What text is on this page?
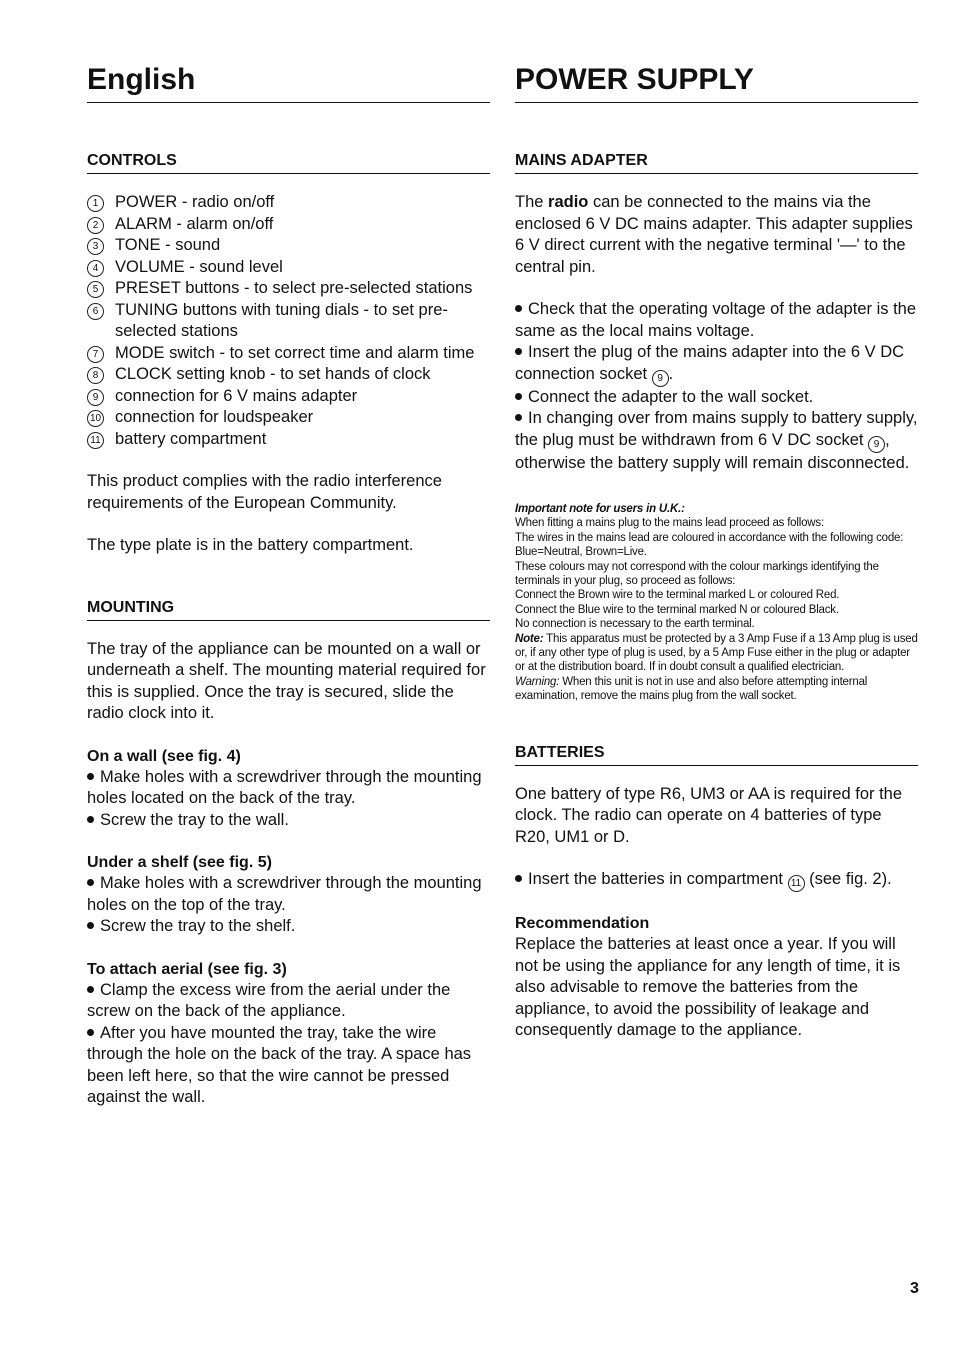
English
CONTROLS
1	POWER - radio on/off
2	ALARM - alarm on/off
3	TONE - sound
4	VOLUME - sound level
5	PRESET buttons - to select pre-selected stations
6	TUNING buttons with tuning dials - to set pre-selected stations
7	MODE switch - to set correct time and alarm time
8	CLOCK setting knob - to set hands of clock
9	connection for 6 V mains adapter
10 connection for loudspeaker
11 battery compartment

This product complies with the radio interference requirements of the European Community.

The type plate is in the battery compartment.

MOUNTING

The tray of the appliance can be mounted on a wall or underneath a shelf. The mounting material required for this is supplied. Once the tray is secured, slide the radio clock into it.

On a wall (see fig. 4)

Make holes with a screwdriver through the mounting holes located on the back of the tray.

Screw the tray to the wall.

Under a shelf (see fig. 5)

Make holes with a screwdriver through the mounting holes on the top of the tray.

Screw the tray to the shelf.

To attach aerial (see fig. 3)

Clamp the excess wire from the aerial under the screw on the back of the appliance.

After you have mounted the tray, take the wire through the hole on the back of the tray. A space has been left here, so that the wire cannot be pressed against the wall.

POWER SUPPLY
MAINS ADAPTER

The radio can be connected to the mains via the enclosed 6 V DC mains adapter. This adapter supplies 6 V direct current with the negative terminal '—' to the central pin.

Check that the operating voltage of the adapter is the same as the local mains voltage.

Insert the plug of the mains adapter into the 6 V DC connection socket 9 .

Connect the adapter to the wall socket.

In changing over from mains supply to battery supply, the plug must be withdrawn from 6 V DC socket 9 , otherwise the battery supply will remain disconnected.

Important note for users in U.K.:

When fitting a mains plug to the mains lead proceed as follows:

The wires in the mains lead are coloured in accordance with the following code: Blue=Neutral, Brown=Live.

These colours may not correspond with the colour markings identifying the terminals in your plug, so proceed as follows:

Connect the Brown wire to the terminal marked L or coloured Red.

Connect the Blue wire to the terminal marked N or coloured Black.

No connection is necessary to the earth terminal.

Note: This apparatus must be protected by a 3 Amp Fuse if a 13 Amp plug is used or, if any other type of plug is used, by a 5 Amp Fuse either in the plug or adapter or at the distribution board. If in doubt consult a qualified electrician.

Warning: When this unit is not in use and also before attempting internal examination, remove the mains plug from the wall socket.

BATTERIES

One battery of type R6, UM3 or AA is required for the clock. The radio can operate on 4 batteries of type R20, UM1 or D.

Insert the batteries in compartment 11 (see fig. 2).

Recommendation

Replace the batteries at least once a year. If you will not be using the appliance for any length of time, it is also advisable to remove the batteries from the appliance, to avoid the possibility of leakage and consequently damage to the appliance.

3
